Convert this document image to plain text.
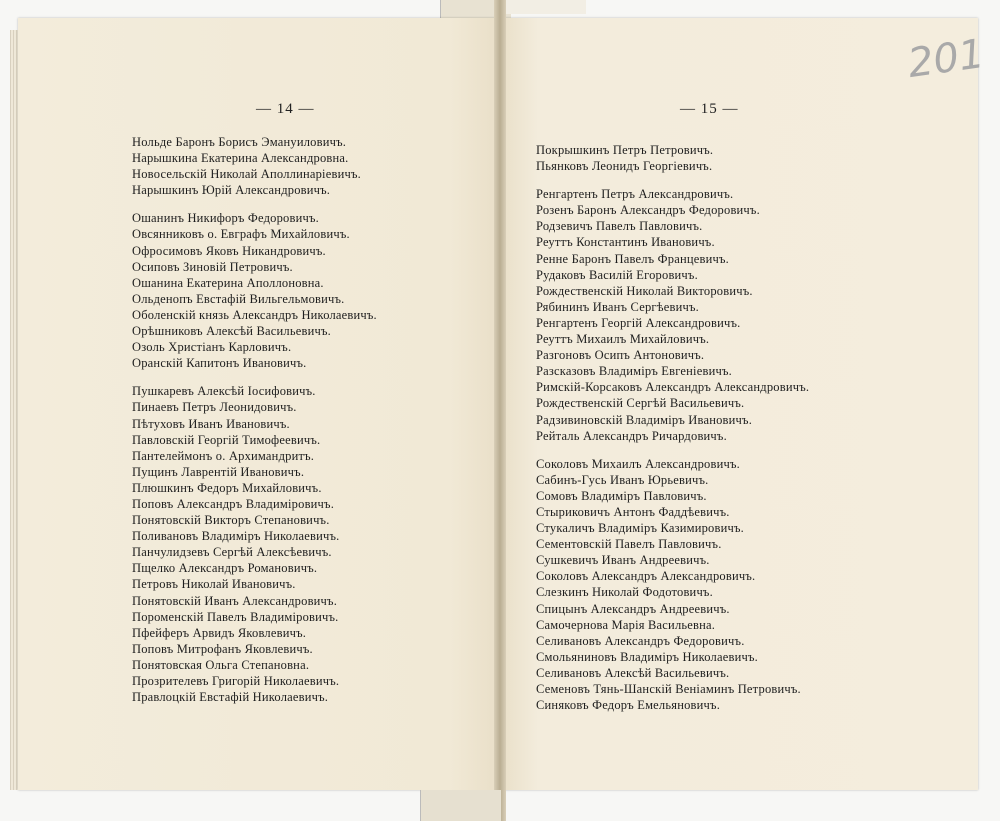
— 14 —
Нольде Баронъ Борисъ Эмануиловичъ.
Нарышкина Екатерина Александровна.
Новосельскій Николай Аполлинаріевичъ.
Нарышкинъ Юрій Александровичъ.
Ошанинъ Никифоръ Федоровичъ.
Овсянниковъ о. Евграфъ Михайловичъ.
Офросимовъ Яковъ Никандровичъ.
Осиповъ Зиновій Петровичъ.
Ошанина Екатерина Аполлоновна.
Ольденопъ Евстафій Вильгельмовичъ.
Оболенскій князь Александръ Николаевичъ.
Орѣшниковъ Алексѣй Васильевичъ.
Озоль Христіанъ Карловичъ.
Оранскій Капитонъ Ивановичъ.
Пушкаревъ Алексѣй Іосифовичъ.
Пинаевъ Петръ Леонидовичъ.
Пѣтуховъ Иванъ Ивановичъ.
Павловскій Георгій Тимофеевичъ.
Пантелеймонъ о. Архимандритъ.
Пущинъ Лаврентій Ивановичъ.
Плюшкинъ Федоръ Михайловичъ.
Поповъ Александръ Владиміровичъ.
Понятовскій Викторъ Степановичъ.
Поливановъ Владиміръ Николаевичъ.
Панчулидзевъ Сергѣй Алексѣевичъ.
Пщелко Александръ Романовичъ.
Петровъ Николай Ивановичъ.
Понятовскій Иванъ Александровичъ.
Пороменскій Павелъ Владиміровичъ.
Пфейферъ Арвидъ Яковлевичъ.
Поповъ Митрофанъ Яковлевичъ.
Понятовская Ольга Степановна.
Прозрителевъ Григорій Николаевичъ.
Правлоцкій Евстафій Николаевичъ.
— 15 —
Покрышкинъ Петръ Петровичъ.
Пьянковъ Леонидъ Георгіевичъ.
Ренгартенъ Петръ Александровичъ.
Розенъ Баронъ Александръ Федоровичъ.
Родзевичъ Павелъ Павловичъ.
Реуттъ Константинъ Ивановичъ.
Ренне Баронъ Павелъ Францевичъ.
Рудаковъ Василій Егоровичъ.
Рождественскій Николай Викторовичъ.
Рябининъ Иванъ Сергѣевичъ.
Ренгартенъ Георгій Александровичъ.
Реуттъ Михаилъ Михайловичъ.
Разгоновъ Осипъ Антоновичъ.
Разсказовъ Владиміръ Евгеніевичъ.
Римскій-Корсаковъ Александръ Александровичъ.
Рождественскій Сергѣй Васильевичъ.
Радзивиновскій Владиміръ Ивановичъ.
Рейталь Александръ Ричардовичъ.
Соколовъ Михаилъ Александровичъ.
Сабинъ-Гусь Иванъ Юрьевичъ.
Сомовъ Владиміръ Павловичъ.
Стыриковичъ Антонъ Фаддѣевичъ.
Стукаличъ Владиміръ Казимировичъ.
Сементовскій Павелъ Павловичъ.
Сушкевичъ Иванъ Андреевичъ.
Соколовъ Александръ Александровичъ.
Слезкинъ Николай Фодотовичъ.
Спицынъ Александръ Андреевичъ.
Самочернова Марія Васильевна.
Селивановъ Александръ Федоровичъ.
Смольяниновъ Владиміръ Николаевичъ.
Селивановъ Алексѣй Васильевичъ.
Семеновъ Тянь-Шанскій Веніаминъ Петровичъ.
Синяковъ Федоръ Емельяновичъ.
201
